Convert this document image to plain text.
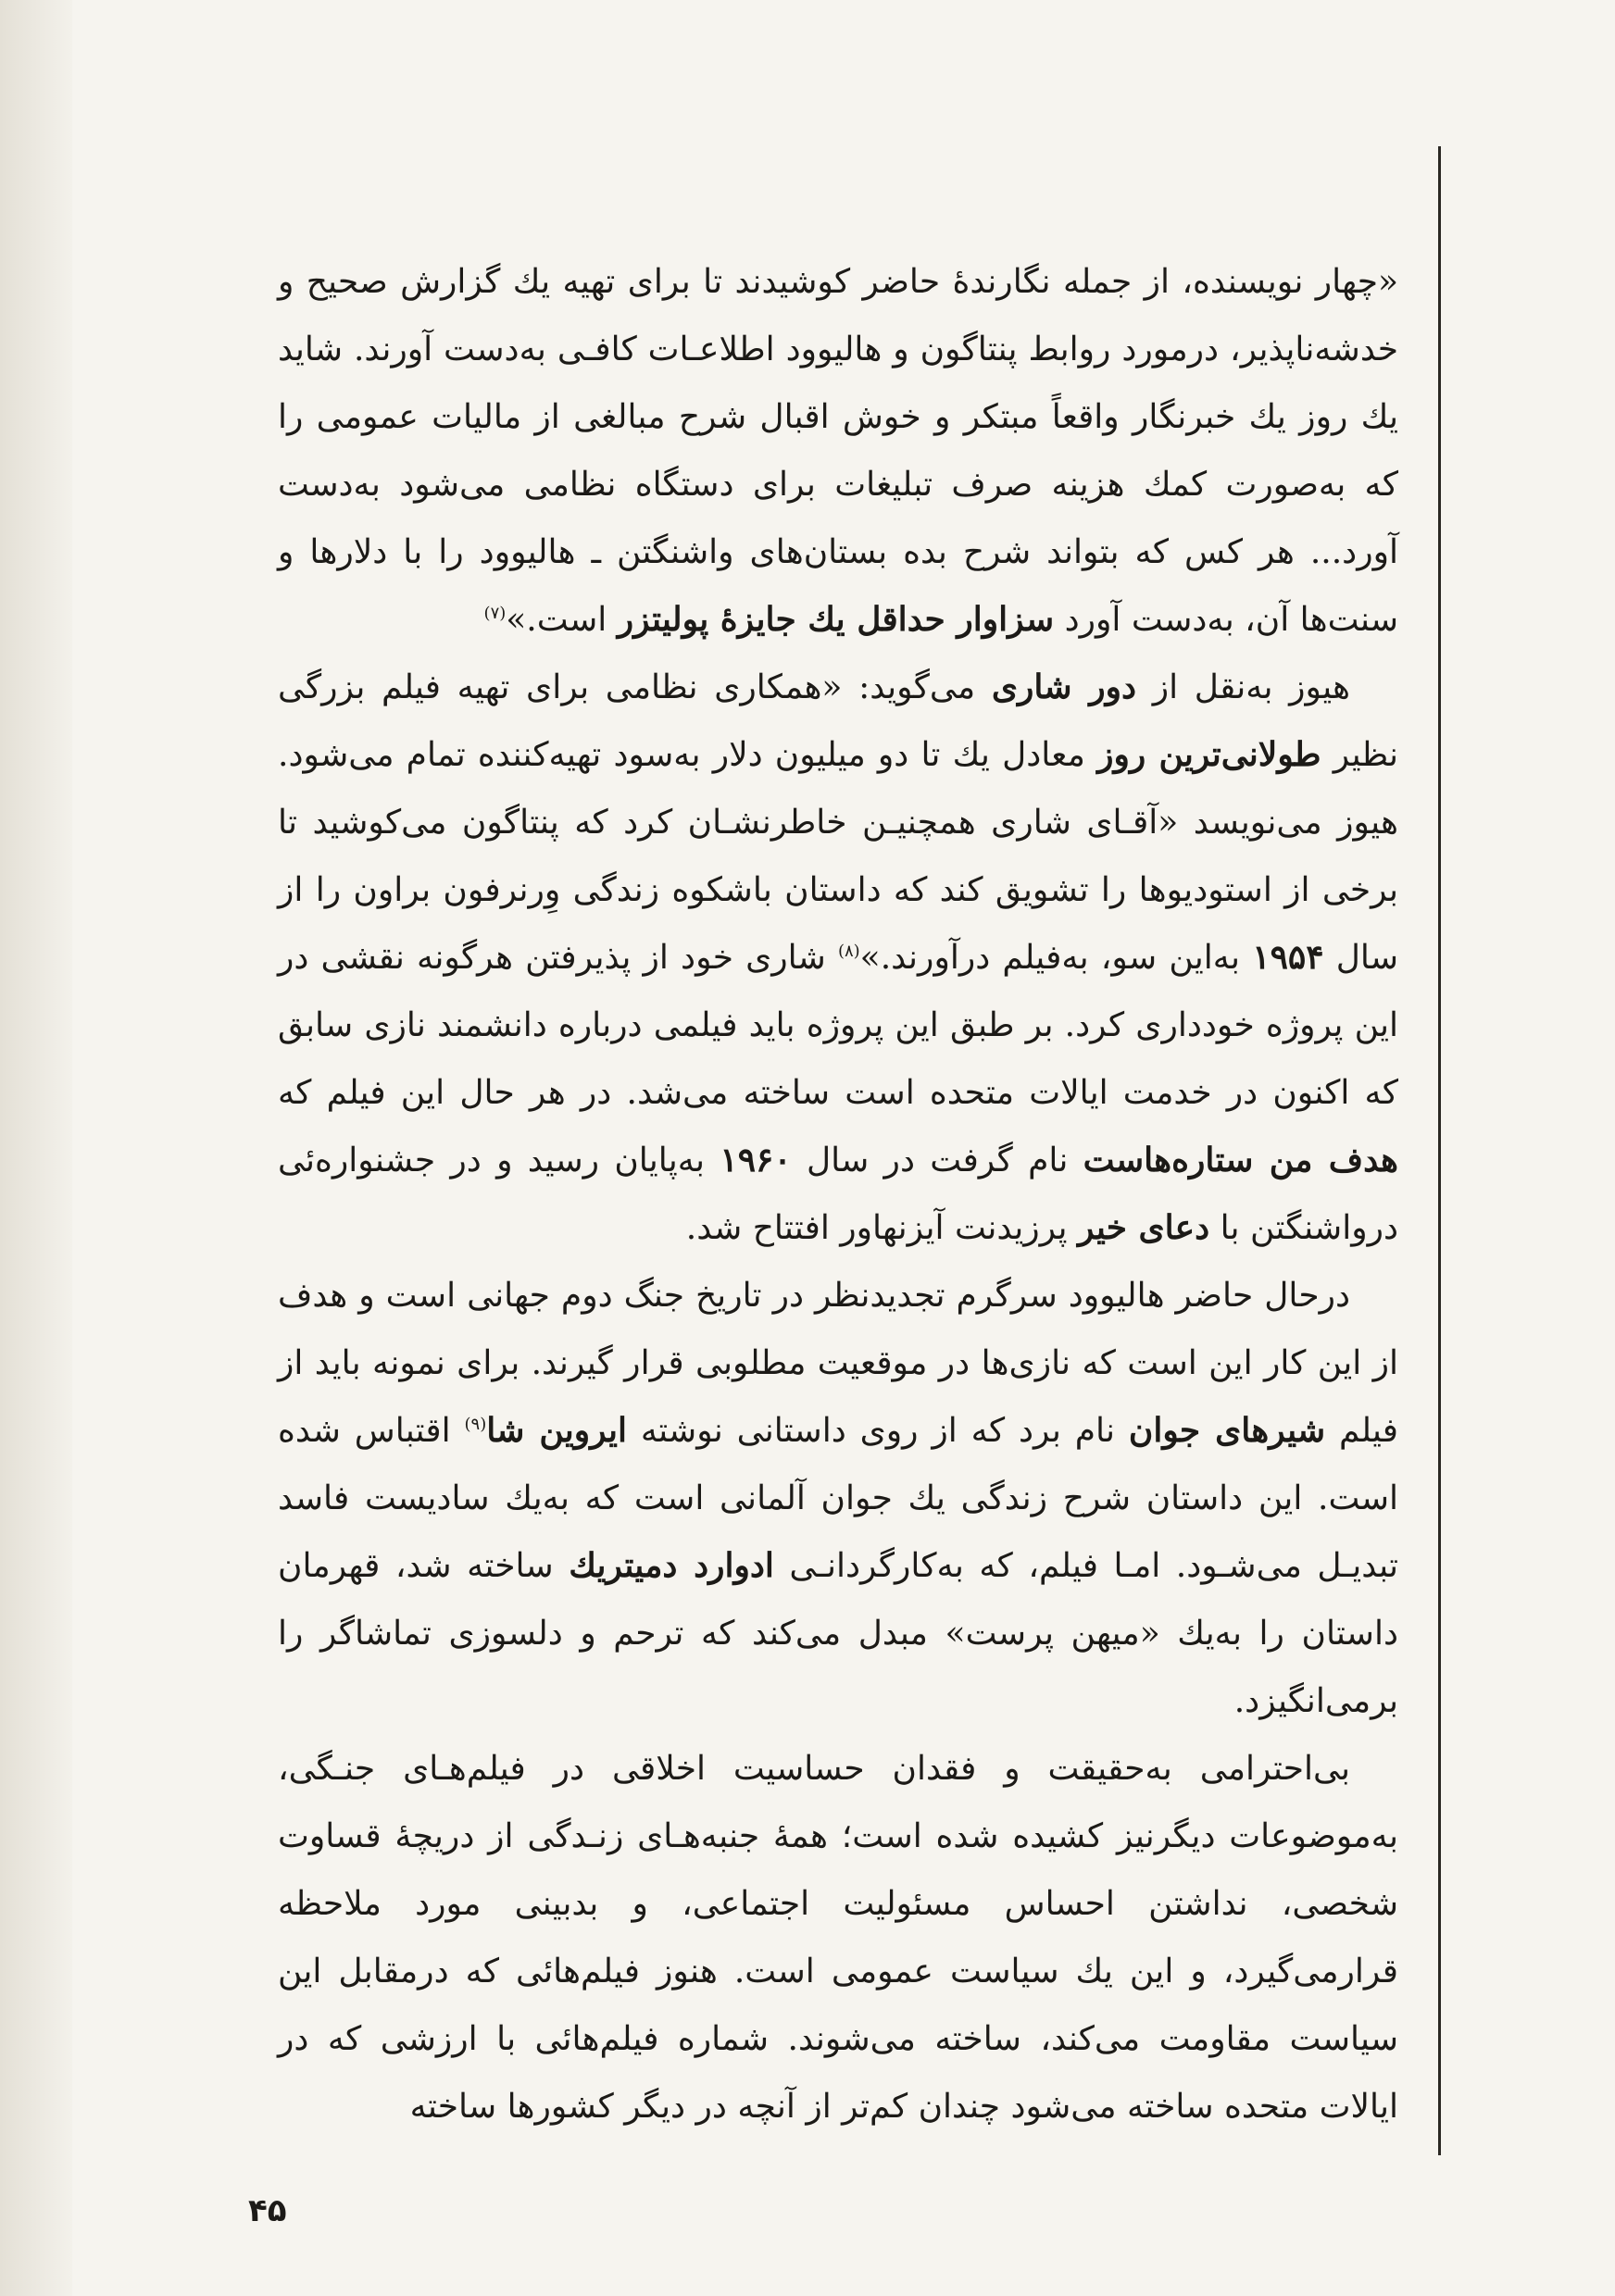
«چهار نویسنده، از جمله نگارندهٔ حاضر کوشیدند تا برای تهیه یك گزارش صحیح و خدشه‌ناپذیر، درمورد روابط پنتاگون و هالیوود اطلاعـات کافـی به‌دست آورند. شاید یك روز یك خبرنگار واقعاً مبتکر و خوش اقبال شرح مبالغی از مالیات عمومی را که به‌صورت کمك هزینه صرف تبلیغات برای دستگاه نظامی می‌شود به‌دست آورد... هر کس که بتواند شرح بده بستان‌های واشنگتن ـ هالیوود را با دلارها و سنت‌ها آن، به‌دست آورد سزاوار حداقل یك جایزهٔ پولیتزر است.»$^{(۷)}$

هیوز به‌نقل از دور شاری می‌گوید: «همکاری نظامی برای تهیه فیلم بزرگی نظیر طولانی‌ترین روز معادل یك تا دو میلیون دلار به‌سود تهیه‌کننده تمام می‌شود. هیوز می‌نویسد «آقـای شاری همچنیـن خاطرنشـان کرد که پنتاگون می‌کوشید تا برخی از استودیوها را تشویق کند که داستان باشکوه زندگی وِرنرفون براون را از سال ۱۹۵۴ به‌این سو، به‌فیلم درآورند.»$^{(۸)}$ شاری خود از پذیرفتن هرگونه نقشی در این پروژه خودداری کرد. بر طبق این پروژه باید فیلمی درباره دانشمند نازی سابق که اکنون در خدمت ایالات متحده است ساخته می‌شد. در هر حال این فیلم که هدف من ستاره‌هاست نام گرفت در سال ۱۹۶۰ به‌پایان رسید و در جشنواره‌ئی درواشنگتن با دعای خیر پرزیدنت آیزنهاور افتتاح شد.

درحال حاضر هالیوود سرگرم تجدیدنظر در تاریخ جنگ دوم جهانی است و هدف از این کار این است که نازی‌ها در موقعیت مطلوبی قرار گیرند. برای نمونه باید از فیلم شیرهای جوان نام برد که از روی داستانی نوشته ایروین شا$^{(۹)}$ اقتباس شده است. این داستان شرح زندگی یك جوان آلمانی است که به‌یك سادیست فاسد تبدیـل می‌شـود. امـا فیلم، که به‌کارگردانـی ادوارد دمیتریك ساخته شد، قهرمان داستان را به‌یك «میهن پرست» مبدل می‌کند که ترحم و دلسوزی تماشاگر را برمی‌انگیزد.

بی‌احترامی به‌حقیقت و فقدان حساسیت اخلاقی در فیلم‌هـای جنـگی، به‌موضوعات دیگرنیز کشیده شده است؛ همهٔ جنبه‌هـای زنـدگی از دریچهٔ قساوت شخصی، نداشتن احساس مسئولیت اجتماعی، و بدبینی مورد ملاحظه قرارمی‌گیرد، و این یك سیاست عمومی است. هنوز فیلم‌هائی که درمقابل این سیاست مقاومت می‌کند، ساخته می‌شوند. شماره فیلم‌هائی با ارزشی که در ایالات متحده ساخته می‌شود چندان کم‌تر از آنچه در دیگر کشورها ساخته

۴۵
